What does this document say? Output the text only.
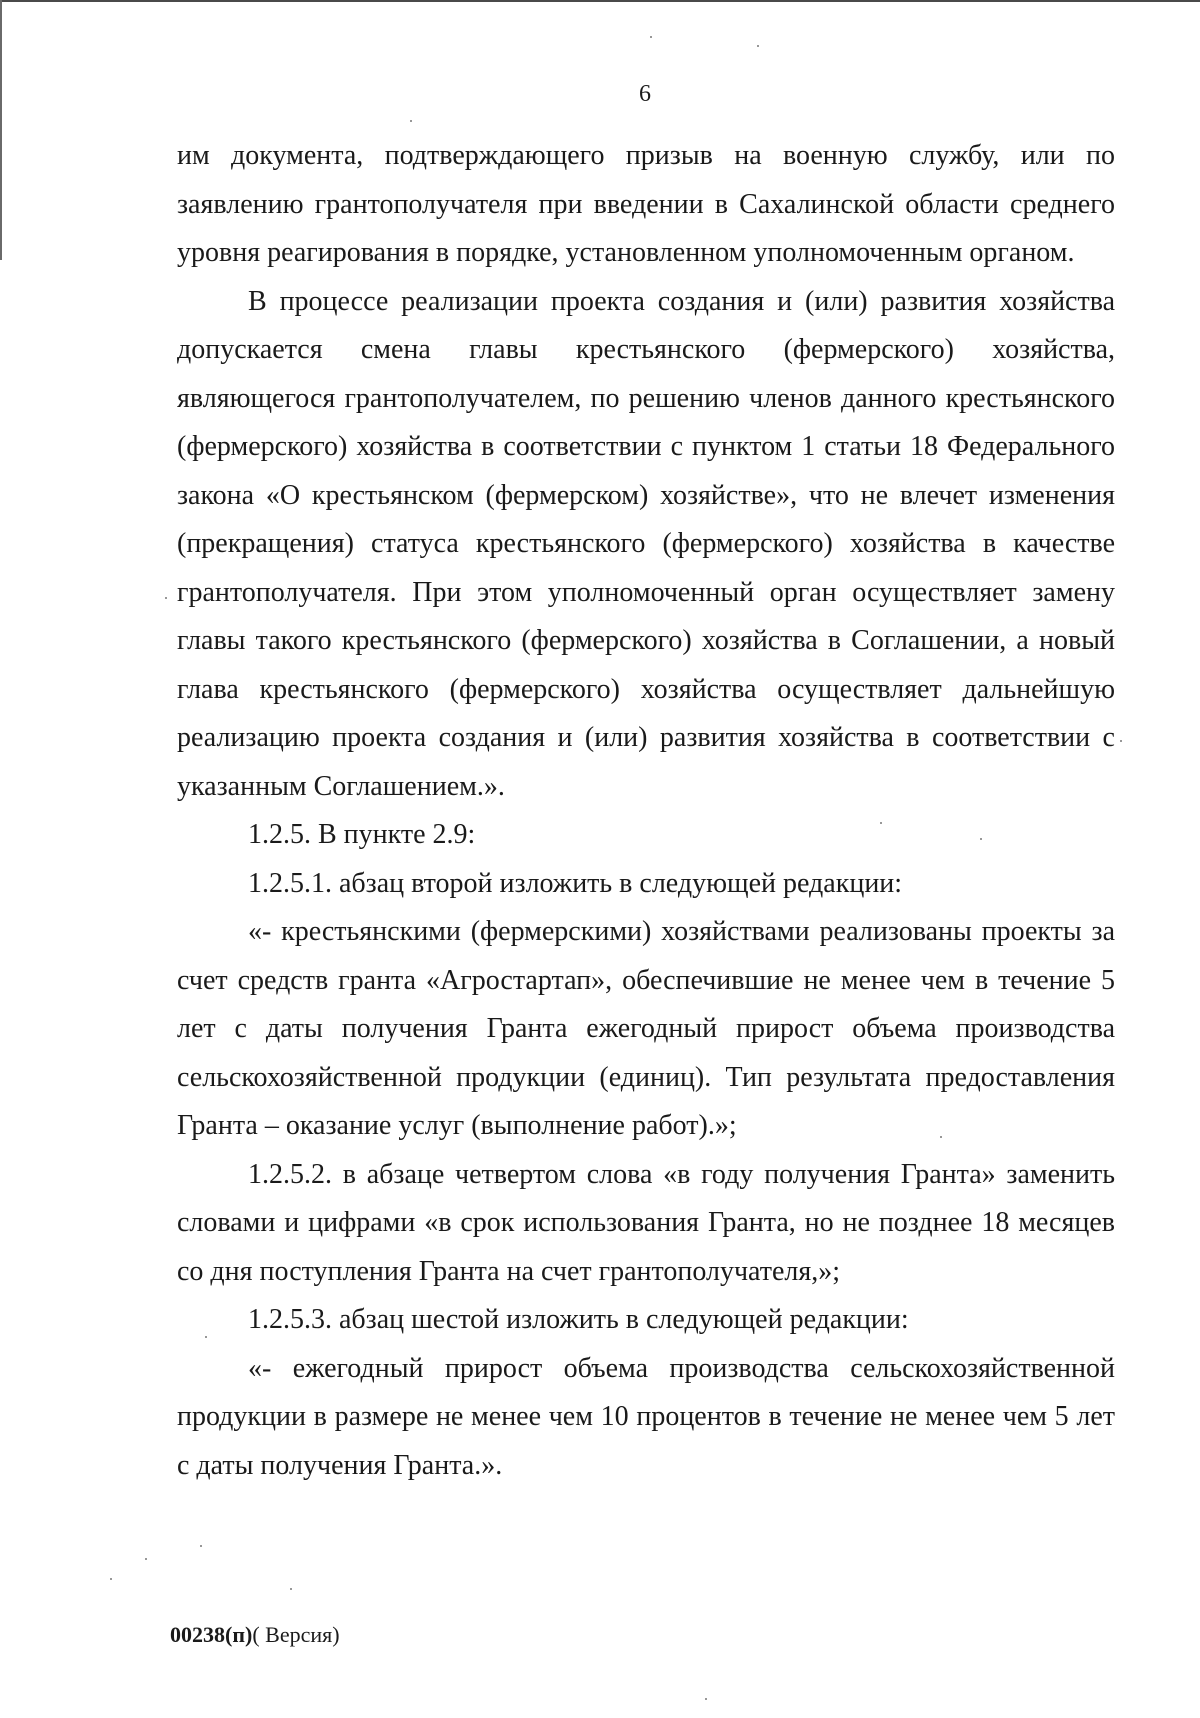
6

им документа, подтверждающего призыв на военную службу, или по заявлению грантополучателя при введении в Сахалинской области среднего уровня реагирования в порядке, установленном уполномоченным органом.

В процессе реализации проекта создания и (или) развития хозяйства допускается смена главы крестьянского (фермерского) хозяйства, являющегося грантополучателем, по решению членов данного крестьянского (фермерского) хозяйства в соответствии с пунктом 1 статьи 18 Федерального закона «О крестьянском (фермерском) хозяйстве», что не влечет изменения (прекращения) статуса крестьянского (фермерского) хозяйства в качестве грантополучателя. При этом уполномоченный орган осуществляет замену главы такого крестьянского (фермерского) хозяйства в Соглашении, а новый глава крестьянского (фермерского) хозяйства осуществляет дальнейшую реализацию проекта создания и (или) развития хозяйства в соответствии с указанным Соглашением.».

1.2.5. В пункте 2.9:

1.2.5.1. абзац второй изложить в следующей редакции:

«- крестьянскими (фермерскими) хозяйствами реализованы проекты за счет средств гранта «Агростартап», обеспечившие не менее чем в течение 5 лет с даты получения Гранта ежегодный прирост объема производства сельскохозяйственной продукции (единиц). Тип результата предоставления Гранта – оказание услуг (выполнение работ).»;

1.2.5.2. в абзаце четвертом слова «в году получения Гранта» заменить словами и цифрами «в срок использования Гранта, но не позднее 18 месяцев со дня поступления Гранта на счет грантополучателя,»;

1.2.5.3. абзац шестой изложить в следующей редакции:

«- ежегодный прирост объема производства сельскохозяйственной продукции в размере не менее чем 10 процентов в течение не менее чем 5 лет с даты получения Гранта.».

00238(п)( Версия)
